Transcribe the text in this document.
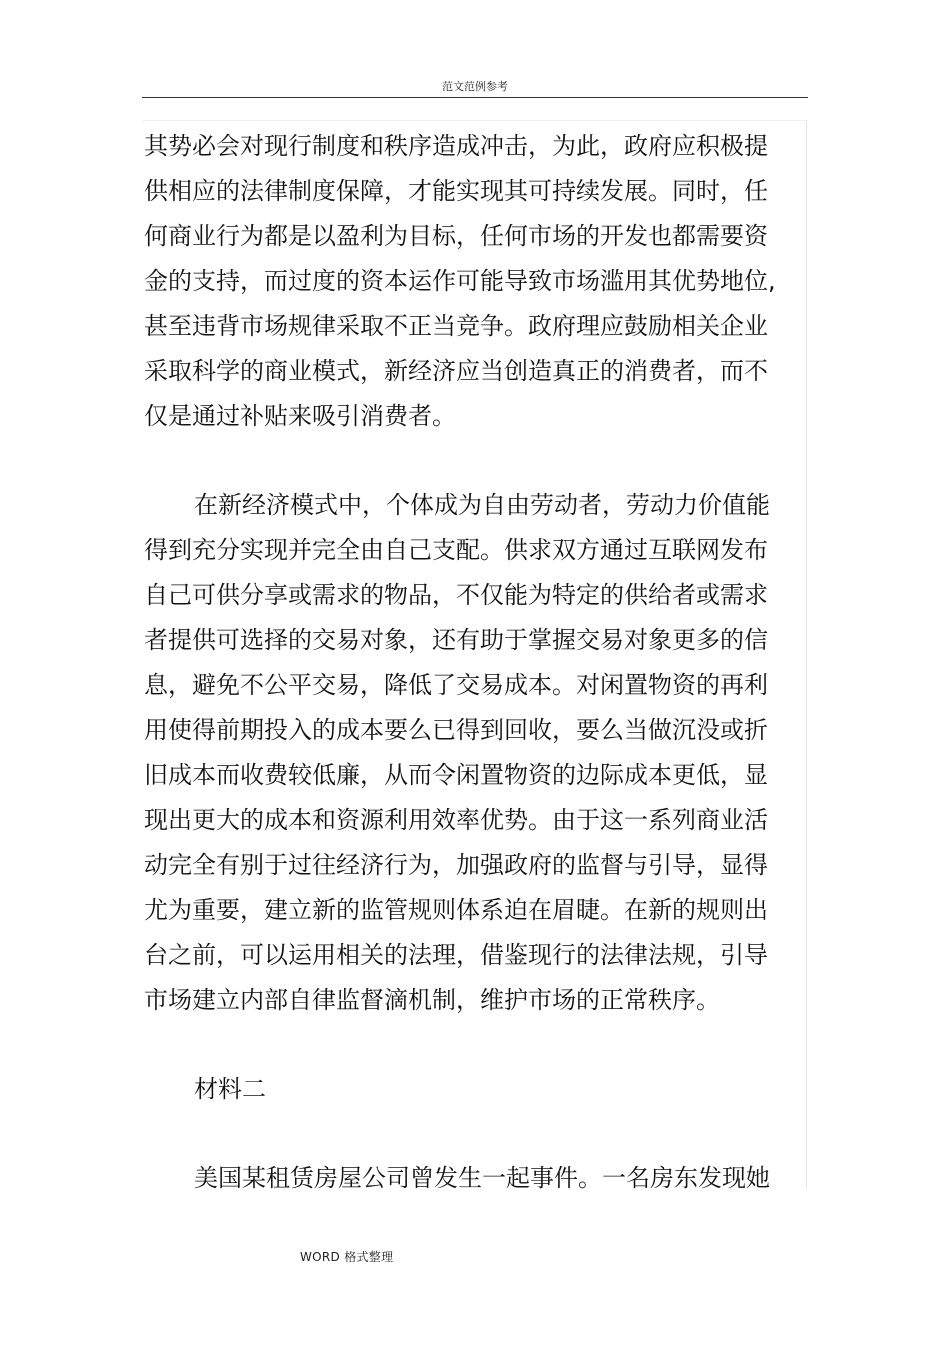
范文范例参考

其势必会对现行制度和秩序造成冲击，为此，政府应积极提

供相应的法律制度保障，才能实现其可持续发展。同时，任

何商业行为都是以盈利为目标，任何市场的开发也都需要资

金的支持，而过度的资本运作可能导致市场滥用其优势地位,

甚至违背市场规律采取不正当竞争。政府理应鼓励相关企业

采取科学的商业模式，新经济应当创造真正的消费者，而不

仅是通过补贴来吸引消费者。

在新经济模式中，个体成为自由劳动者，劳动力价值能

得到充分实现并完全由自己支配。供求双方通过互联网发布

自己可供分享或需求的物品，不仅能为特定的供给者或需求

者提供可选择的交易对象，还有助于掌握交易对象更多的信

息，避免不公平交易，降低了交易成本。对闲置物资的再利

用使得前期投入的成本要么已得到回收，要么当做沉没或折

旧成本而收费较低廉，从而令闲置物资的边际成本更低，显

现出更大的成本和资源利用效率优势。由于这一系列商业活

动完全有别于过往经济行为，加强政府的监督与引导，显得

尤为重要，建立新的监管规则体系迫在眉睫。在新的规则出

台之前，可以运用相关的法理，借鉴现行的法律法规，引导

市场建立内部自律监督滴机制，维护市场的正常秩序。

材料二

美国某租赁房屋公司曾发生一起事件。一名房东发现她

WORD 格式整理
